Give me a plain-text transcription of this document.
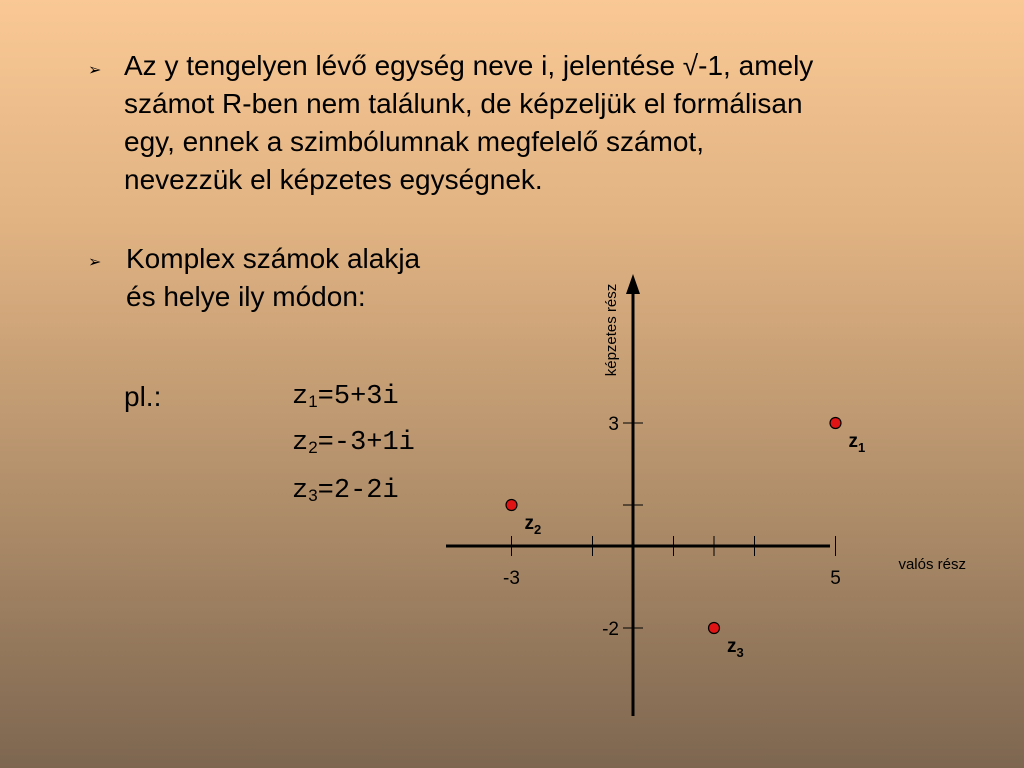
➢ Az y tengelyen lévő egység neve i, jelentése √-1, amely
számot R-ben nem találunk, de képzeljük el formálisan
egy, ennek a szimbólumnak megfelelő számot,
nevezzük el képzetes egységnek.
➢ Komplex számok alakja
és helye ily módon:
pl.:	$z_1=5+3i$
$z_2=-3+1i$
$z_3=2-2i$
-3	5
3
-2
$z_1$
$z_2$
$z_3$
valós rész
képzetes rész
